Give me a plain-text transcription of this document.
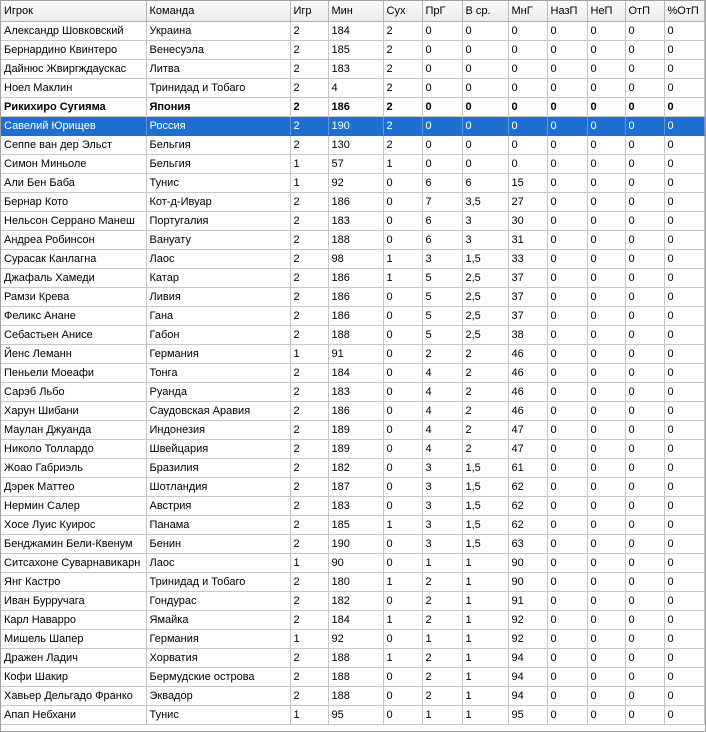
Игрок	Команда	Игр	Мин	Сух	ПрГ	В ср.	МнГ	НазП	НеП	ОтП	%ОтП
Александр Шовковский	Украина	2	184	2	0	0	0	0	0	0	0
Бернардино Квинтеро	Венесуэла	2	185	2	0	0	0	0	0	0	0
Дайнюс Жвиргждаускас	Литва	2	183	2	0	0	0	0	0	0	0
Ноел Маклин	Тринидад и Тобаго	2	4	2	0	0	0	0	0	0	0
Рикихиро Сугияма	Япония	2	186	2	0	0	0	0	0	0	0
Савелий Юрищев	Россия	2	190	2	0	0	0	0	0	0	0
Сеппе ван дер Эльст	Бельгия	2	130	2	0	0	0	0	0	0	0
Симон Миньоле	Бельгия	1	57	1	0	0	0	0	0	0	0
Али Бен Баба	Тунис	1	92	0	6	6	15	0	0	0	0
Бернар Кото	Кот-д-Ивуар	2	186	0	7	3,5	27	0	0	0	0
Нельсон Серрано Манеш	Португалия	2	183	0	6	3	30	0	0	0	0
Андреа Робинсон	Вануату	2	188	0	6	3	31	0	0	0	0
Сурасак Канлагна	Лаос	2	98	1	3	1,5	33	0	0	0	0
Джафаль Хамеди	Катар	2	186	1	5	2,5	37	0	0	0	0
Рамзи Крева	Ливия	2	186	0	5	2,5	37	0	0	0	0
Феликс Ананe	Гана	2	186	0	5	2,5	37	0	0	0	0
Себастьен Анисе	Габон	2	188	0	5	2,5	38	0	0	0	0
Йенс Леманн	Германия	1	91	0	2	2	46	0	0	0	0
Пеньели Моеафи	Тонга	2	184	0	4	2	46	0	0	0	0
Сарэб Льбо	Руанда	2	183	0	4	2	46	0	0	0	0
Харун Шибани	Саудовская Аравия	2	186	0	4	2	46	0	0	0	0
Маулан Джуанда	Индонезия	2	189	0	4	2	47	0	0	0	0
Николо Толлардо	Швейцария	2	189	0	4	2	47	0	0	0	0
Жоао Габриэль	Бразилия	2	182	0	3	1,5	61	0	0	0	0
Дэрек Маттео	Шотландия	2	187	0	3	1,5	62	0	0	0	0
Нермин Салер	Австрия	2	183	0	3	1,5	62	0	0	0	0
Хосе Луис Куирос	Панама	2	185	1	3	1,5	62	0	0	0	0
Бенджамин Бели-Квенум	Бенин	2	190	0	3	1,5	63	0	0	0	0
Ситсахоне Суварнавикарн	Лаос	1	90	0	1	1	90	0	0	0	0
Янг Кастро	Тринидад и Тобаго	2	180	1	2	1	90	0	0	0	0
Иван Бурручага	Гондурас	2	182	0	2	1	91	0	0	0	0
Карл Наварро	Ямайка	2	184	1	2	1	92	0	0	0	0
Мишель Шапер	Германия	1	92	0	1	1	92	0	0	0	0
Дражен Ладич	Хорватия	2	188	1	2	1	94	0	0	0	0
Кофи Шакир	Бермудские острова	2	188	0	2	1	94	0	0	0	0
Хавьер Дельгадо Франко	Эквадор	2	188	0	2	1	94	0	0	0	0
Апап Небхани	Тунис	1	95	0	1	1	95	0	0	0	0
